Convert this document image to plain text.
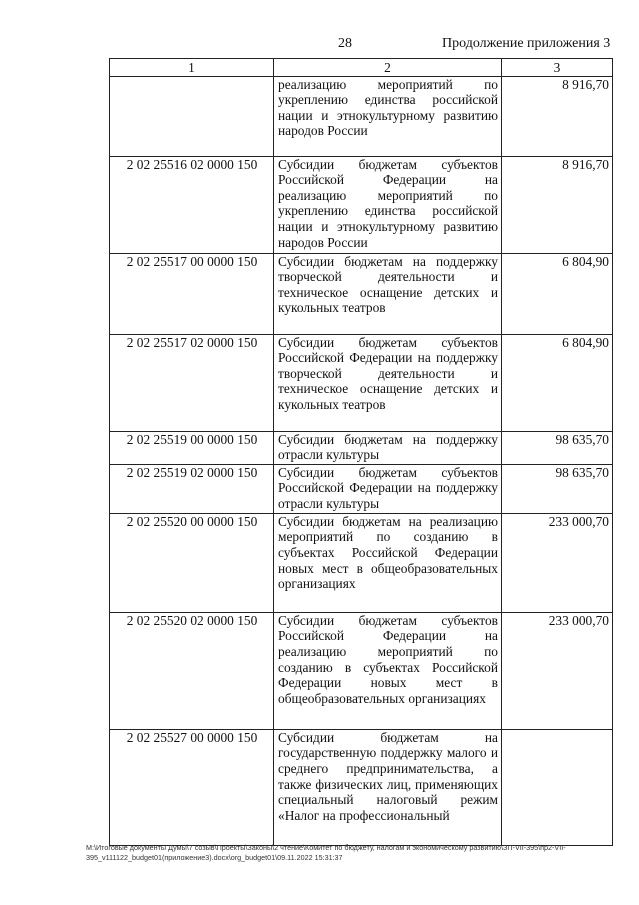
28	Продолжение приложения 3
1	2	3
	реализацию мероприятий по укреплению единства российской нации и этнокультурному развитию народов России	8 916,70
2 02 25516 02 0000 150	Субсидии бюджетам субъектов Российской Федерации на реализацию мероприятий по укреплению единства российской нации и этнокультурному развитию народов России	8 916,70
2 02 25517 00 0000 150	Субсидии бюджетам на поддержку творческой деятельности и техническое оснащение детских и кукольных театров	6 804,90
2 02 25517 02 0000 150	Субсидии бюджетам субъектов Российской Федерации на поддержку творческой деятельности и техническое оснащение детских и кукольных театров	6 804,90
2 02 25519 00 0000 150	Субсидии бюджетам на поддержку отрасли культуры	98 635,70
2 02 25519 02 0000 150	Субсидии бюджетам субъектов Российской Федерации на поддержку отрасли культуры	98 635,70
2 02 25520 00 0000 150	Субсидии бюджетам на реализацию мероприятий по созданию в субъектах Российской Федерации новых мест в общеобразовательных организациях	233 000,70
2 02 25520 02 0000 150	Субсидии бюджетам субъектов Российской Федерации на реализацию мероприятий по созданию в субъектах Российской Федерации новых мест в общеобразовательных организациях	233 000,70
2 02 25527 00 0000 150	Субсидии бюджетам на государственную поддержку малого и среднего предпринимательства, а также физических лиц, применяющих специальный налоговый режим «Налог на профессиональный	
M:\Итоговые документы Думы\7 созыв\Проекты\Законы\2 чтение\Комитет по бюджету, налогам и экономическому развитию\ЗП-VII-395\пр2-VII-395_v111122_budget01(приложение3).docx\org_budget01\09.11.2022 15:31:37
